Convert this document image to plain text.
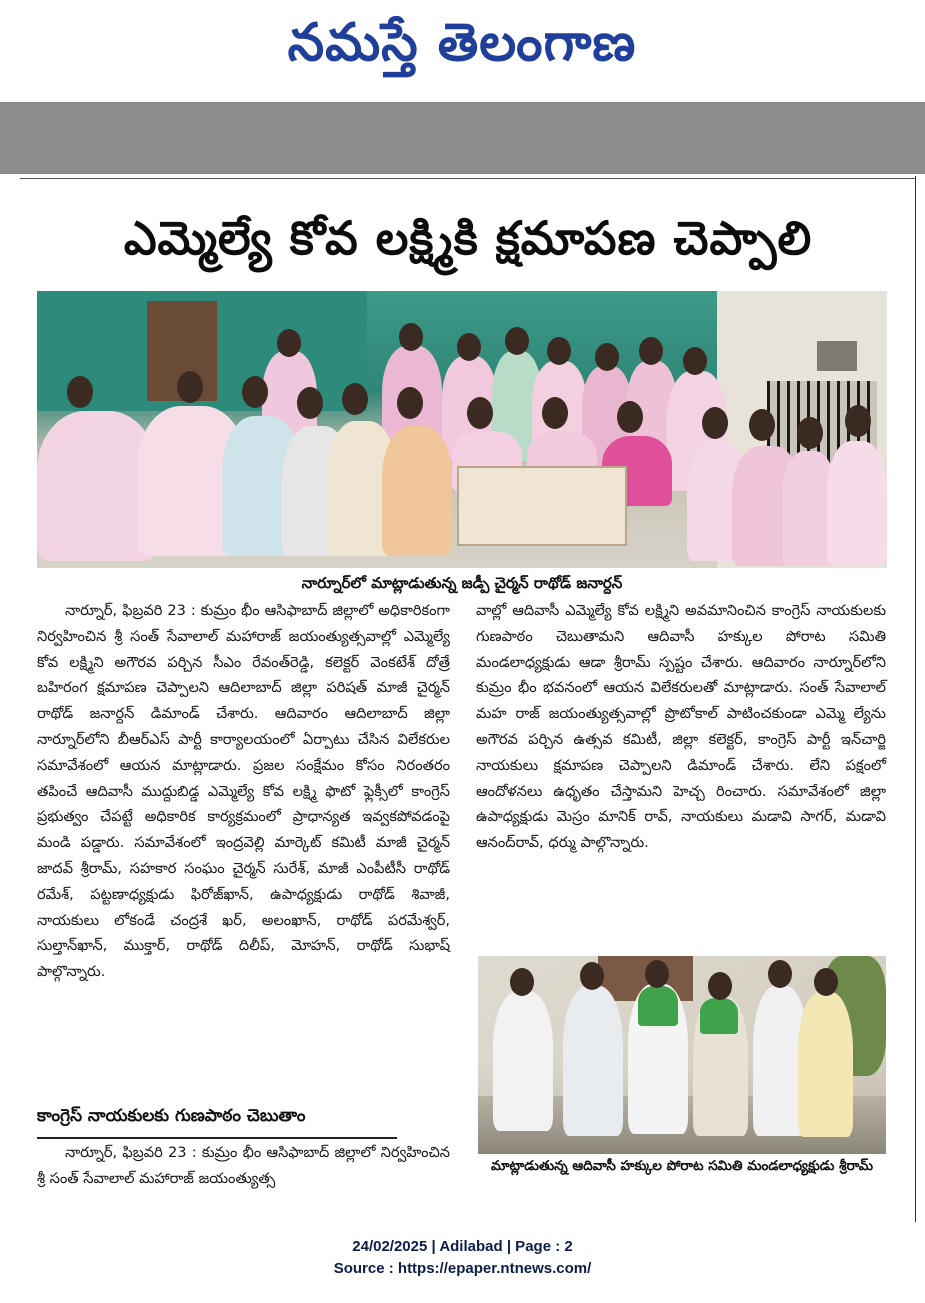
నమస్తే తెలంగాణ
ఎమ్మెల్యే కోవ లక్ష్మికి క్షమాపణ చెప్పాలి
నార్నూర్‌లో మాట్లాడుతున్న జడ్పీ చైర్మన్ రాథోడ్ జనార్దన్

నార్నూర్, ఫిబ్రవరి 23 : కుమ్రం భీం ఆసిఫాబాద్ జిల్లాలో అధికారికంగా నిర్వహించిన శ్రీ సంత్ సేవాలాల్ మహారాజ్ జయంత్యుత్సవాల్లో ఎమ్మెల్యే కోవ లక్ష్మిని అగౌరవ పర్చిన సీఎం రేవంత్‌రెడ్డి, కలెక్టర్ వెంకటేశ్ దోత్రే బహిరంగ క్షమాపణ చెప్పాలని ఆదిలాబాద్ జిల్లా పరిషత్ మాజీ చైర్మన్ రాథోడ్ జనార్దన్ డిమాండ్ చేశారు. ఆదివారం ఆదిలాబాద్ జిల్లా నార్నూర్‌లోని బీఆర్ఎస్ పార్టీ కార్యాలయంలో ఏర్పాటు చేసిన విలేకరుల సమావేశంలో ఆయన మాట్లాడారు. ప్రజల సంక్షేమం కోసం నిరంతరం తపించే ఆదివాసీ ముద్దుబిడ్డ ఎమ్మెల్యే కోవ లక్ష్మి ఫొటో ఫ్లెక్సీలో కాంగ్రెస్ ప్రభుత్వం చేపట్టే అధికారిక కార్యక్రమంలో ప్రాధాన్యత ఇవ్వకపోవడంపై మండి పడ్డారు. సమావేశంలో ఇంద్రవెల్లి మార్కెట్ కమిటీ మాజీ చైర్మన్ జాదవ్ శ్రీరామ్, సహకార సంఘం చైర్మన్ సురేశ్, మాజీ ఎంపీటీసీ రాథోడ్ రమేశ్, పట్టణాధ్యక్షుడు ఫిరోజ్‌ఖాన్, ఉపాధ్యక్షుడు రాథోడ్ శివాజీ, నాయకులు లోకండే చంద్రశే ఖర్, అలంఖాన్, రాథోడ్ పరమేశ్వర్, సుల్తాన్‌ఖాన్, ముక్తార్, రాథోడ్ దిలీప్, మోహన్, రాథోడ్ సుభాష్ పాల్గొన్నారు.

వాల్లో ఆదివాసీ ఎమ్మెల్యే కోవ లక్ష్మిని అవమానించిన కాంగ్రెస్ నాయకులకు గుణపాఠం చెబుతామని ఆదివాసీ హక్కుల పోరాట సమితి మండలాధ్యక్షుడు ఆడా శ్రీరామ్ స్పష్టం చేశారు. ఆదివారం నార్నూర్‌లోని కుమ్రం భీం భవనంలో ఆయన విలేకరులతో మాట్లాడారు. సంత్ సేవాలాల్ మహ రాజ్ జయంత్యుత్సవాల్లో ప్రొటోకాల్ పాటించకుండా ఎమ్మె ల్యేను అగౌరవ పర్చిన ఉత్సవ కమిటీ, జిల్లా కలెక్టర్, కాంగ్రెస్ పార్టీ ఇన్‌చార్జి నాయకులు క్షమాపణ చెప్పాలని డిమాండ్ చేశారు. లేని పక్షంలో ఆందోళనలు ఉధృతం చేస్తామని హెచ్చ రించారు. సమావేశంలో జిల్లా ఉపాధ్యక్షుడు మెస్రం మానిక్ రావ్, నాయకులు మడావి సాగర్, మడావి ఆనంద్‌రావ్, ధర్ము పాల్గొన్నారు.

కాంగ్రెస్ నాయకులకు గుణపాఠం చెబుతాం

నార్నూర్, ఫిబ్రవరి 23 : కుమ్రం భీం ఆసిఫాబాద్ జిల్లాలో నిర్వహించిన శ్రీ సంత్ సేవాలాల్ మహారాజ్ జయంత్యుత్స

మాట్లాడుతున్న ఆదివాసీ హక్కుల పోరాట సమితి మండలాధ్యక్షుడు శ్రీరామ్
24/02/2025 | Adilabad | Page : 2
Source : https://epaper.ntnews.com/
